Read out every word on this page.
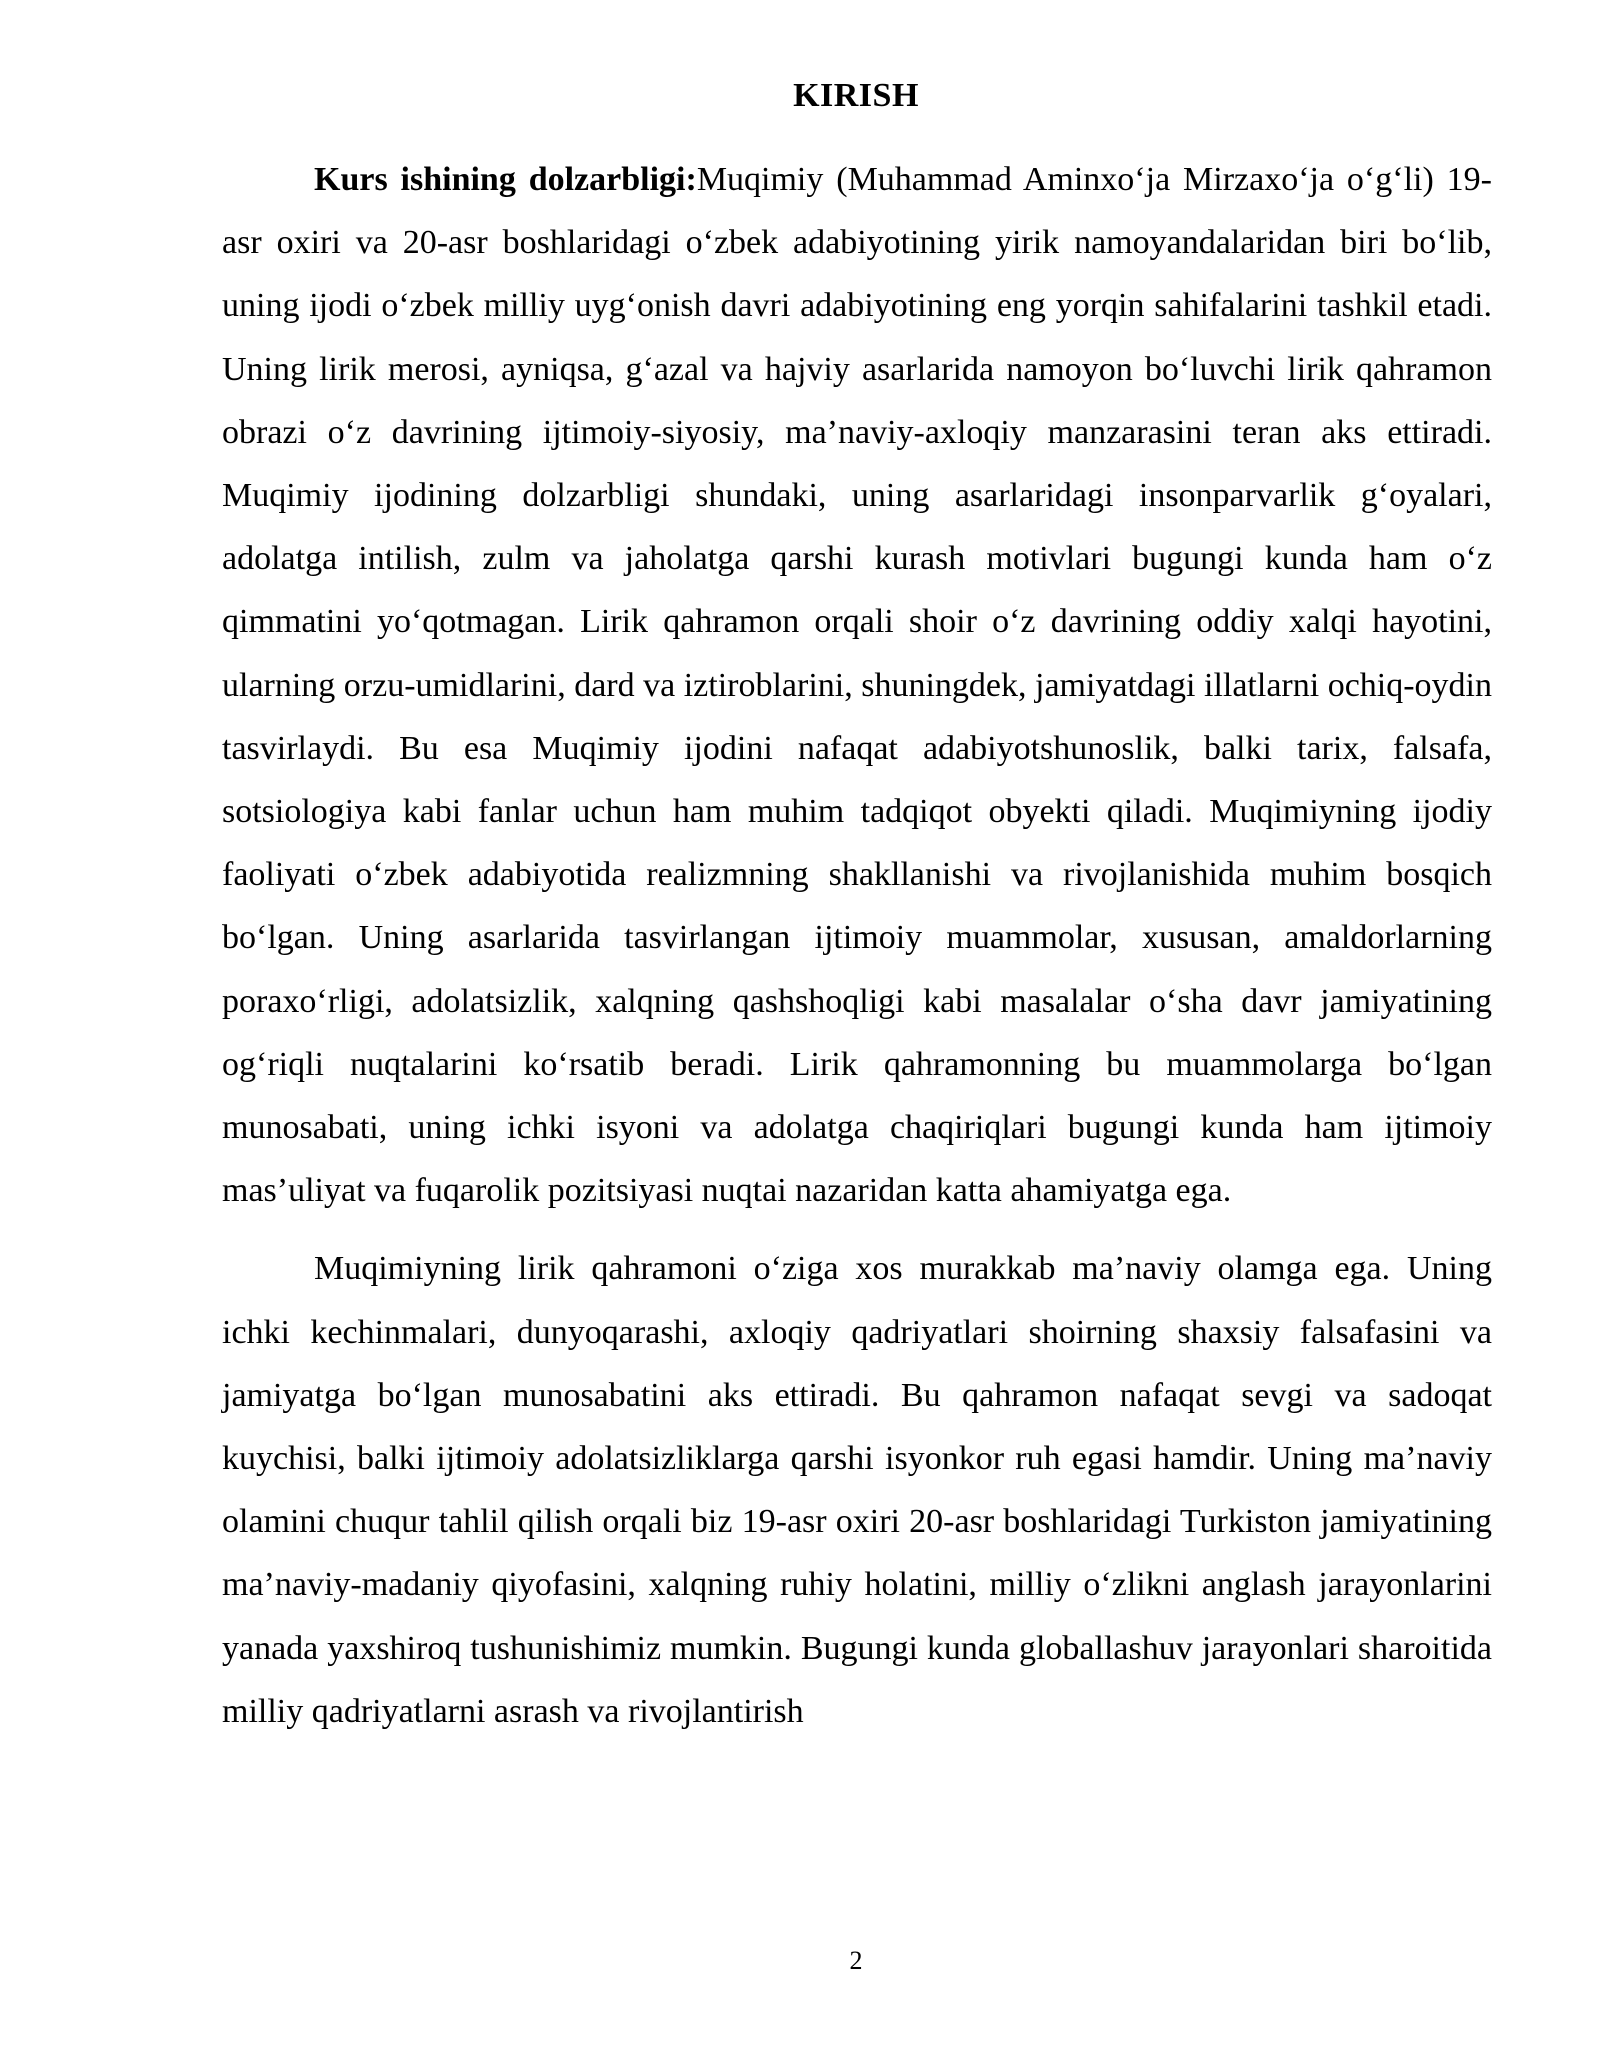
KIRISH

Kurs ishining dolzarbligi:Muqimiy (Muhammad Aminxo‘ja Mirzaxo‘ja o‘g‘li) 19-asr oxiri va 20-asr boshlaridagi o‘zbek adabiyotining yirik namoyandalaridan biri bo‘lib, uning ijodi o‘zbek milliy uyg‘onish davri adabiyotining eng yorqin sahifalarini tashkil etadi. Uning lirik merosi, ayniqsa, g‘azal va hajviy asarlarida namoyon bo‘luvchi lirik qahramon obrazi o‘z davrining ijtimoiy-siyosiy, ma’naviy-axloqiy manzarasini teran aks ettiradi. Muqimiy ijodining dolzarbligi shundaki, uning asarlaridagi insonparvarlik g‘oyalari, adolatga intilish, zulm va jaholatga qarshi kurash motivlari bugungi kunda ham o‘z qimmatini yo‘qotmagan. Lirik qahramon orqali shoir o‘z davrining oddiy xalqi hayotini, ularning orzu-umidlarini, dard va iztiroblarini, shuningdek, jamiyatdagi illatlarni ochiq-oydin tasvirlaydi. Bu esa Muqimiy ijodini nafaqat adabiyotshunoslik, balki tarix, falsafa, sotsiologiya kabi fanlar uchun ham muhim tadqiqot obyekti qiladi. Muqimiyning ijodiy faoliyati o‘zbek adabiyotida realizmning shakllanishi va rivojlanishida muhim bosqich bo‘lgan. Uning asarlarida tasvirlangan ijtimoiy muammolar, xususan, amaldorlarning poraxo‘rligi, adolatsizlik, xalqning qashshoqligi kabi masalalar o‘sha davr jamiyatining og‘riqli nuqtalarini ko‘rsatib beradi. Lirik qahramonning bu muammolarga bo‘lgan munosabati, uning ichki isyoni va adolatga chaqiriqlari bugungi kunda ham ijtimoiy mas’uliyat va fuqarolik pozitsiyasi nuqtai nazaridan katta ahamiyatga ega.

Muqimiyning lirik qahramoni o‘ziga xos murakkab ma’naviy olamga ega. Uning ichki kechinmalari, dunyoqarashi, axloqiy qadriyatlari shoirning shaxsiy falsafasini va jamiyatga bo‘lgan munosabatini aks ettiradi. Bu qahramon nafaqat sevgi va sadoqat kuychisi, balki ijtimoiy adolatsizliklarga qarshi isyonkor ruh egasi hamdir. Uning ma’naviy olamini chuqur tahlil qilish orqali biz 19-asr oxiri 20-asr boshlaridagi Turkiston jamiyatining ma’naviy-madaniy qiyofasini, xalqning ruhiy holatini, milliy o‘zlikni anglash jarayonlarini yanada yaxshiroq tushunishimiz mumkin. Bugungi kunda globallashuv jarayonlari sharoitida milliy qadriyatlarni asrash va rivojlantirish

2
